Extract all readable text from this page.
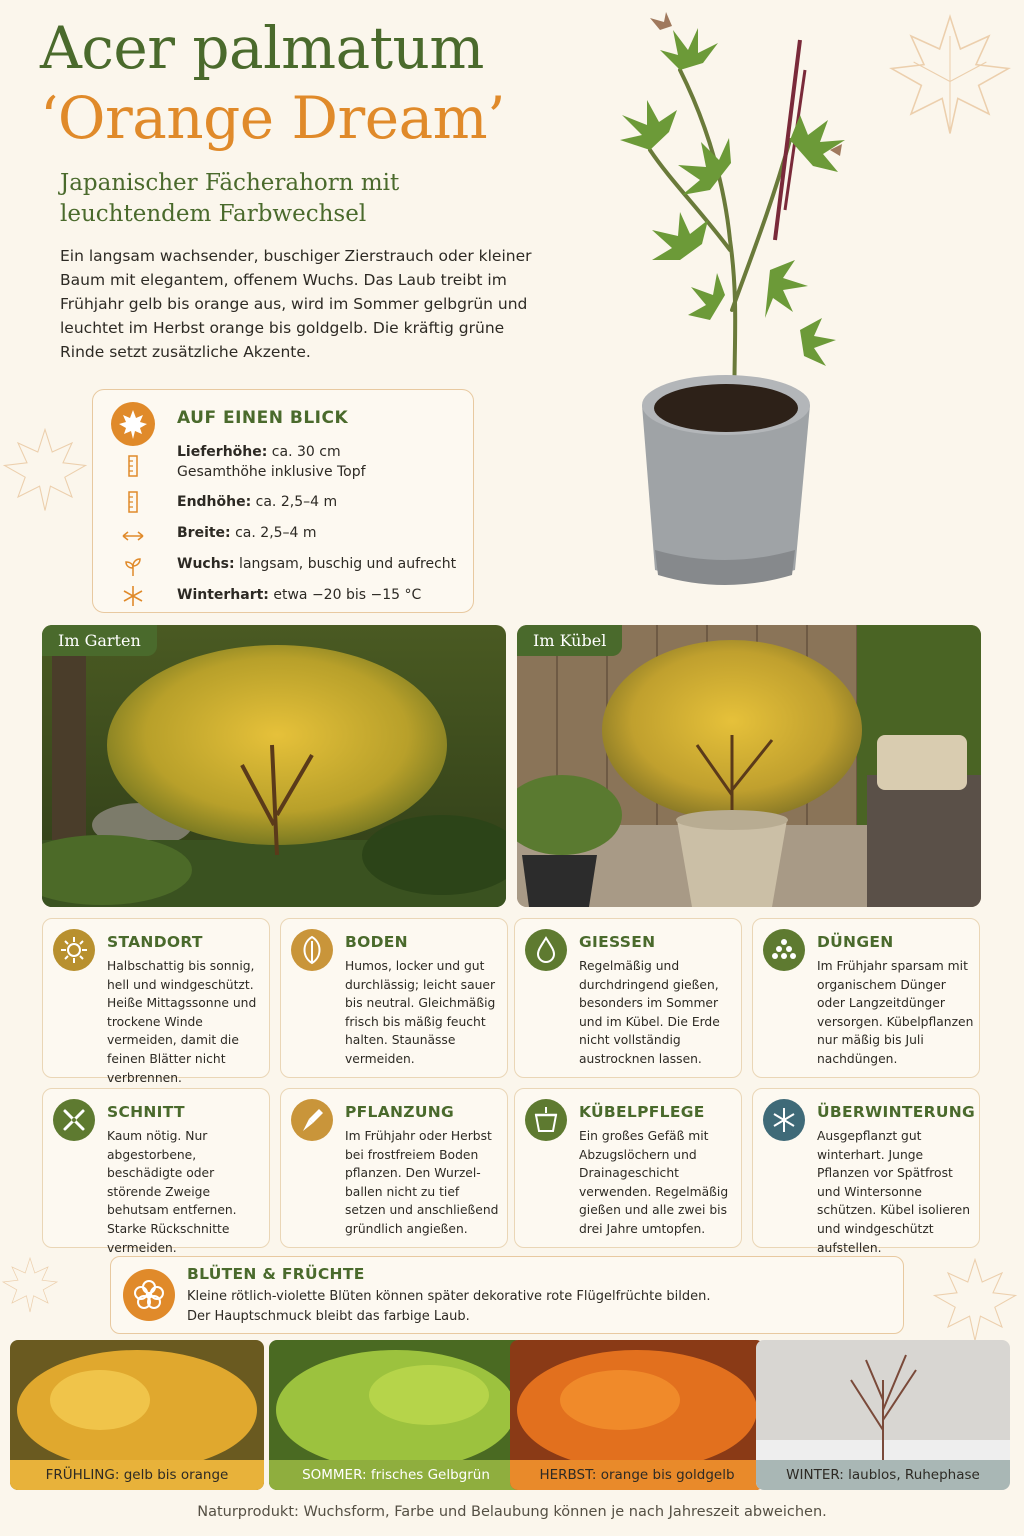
Acer palmatum
‘Orange Dream’
Japanischer Fächerahorn mit leuchtendem Farbwechsel
Ein langsam wachsender, buschiger Zierstrauch oder kleiner Baum mit elegantem, offenem Wuchs. Das Laub treibt im Frühjahr gelb bis orange aus, wird im Sommer gelbgrün und leuchtet im Herbst orange bis goldgelb. Die kräftig grüne Rinde setzt zusätzliche Akzente.
AUF EINEN BLICK
Lieferhöhe: ca. 30 cm
Gesamthöhe inklusive Topf
Endhöhe: ca. 2,5–4 m
Breite: ca. 2,5–4 m
Wuchs: langsam, buschig und aufrecht
Winterhart: etwa −20 bis −15 °C
Im Garten	Im Kübel
STANDORT
Halbschattig bis sonnig, hell und windgeschützt. Heiße Mittagssonne und trockene Winde vermeiden, damit die feinen Blätter nicht verbrennen.
BODEN
Humos, locker und gut durchlässig; leicht sauer bis neutral. Gleichmäßig frisch bis mäßig feucht halten. Staunässe vermeiden.
GIESSEN
Regelmäßig und durchdringend gießen, besonders im Sommer und im Kübel. Die Erde nicht vollständig austrocknen lassen.
DÜNGEN
Im Frühjahr sparsam mit organischem Dünger oder Langzeitdünger versorgen. Kübelpflanzen nur mäßig bis Juli nachdüngen.
SCHNITT
Kaum nötig. Nur abgestorbene, beschädigte oder störende Zweige behutsam entfernen. Starke Rückschnitte vermeiden.
PFLANZUNG
Im Frühjahr oder Herbst bei frostfreiem Boden pflanzen. Den Wurzel-ballen nicht zu tief setzen und anschließend gründlich angießen.
KÜBELPFLEGE
Ein großes Gefäß mit Abzugslöchern und Drainageschicht verwenden. Regelmäßig gießen und alle zwei bis drei Jahre umtopfen.
ÜBERWINTERUNG
Ausgepflanzt gut winterhart. Junge Pflanzen vor Spätfrost und Wintersonne schützen. Kübel isolieren und windgeschützt aufstellen.
BLÜTEN & FRÜCHTE
Kleine rötlich-violette Blüten können später dekorative rote Flügelfrüchte bilden.
Der Hauptschmuck bleibt das farbige Laub.
FRÜHLING: gelb bis orange	SOMMER: frisches Gelbgrün	HERBST: orange bis goldgelb	WINTER: laublos, Ruhephase
Naturprodukt: Wuchsform, Farbe und Belaubung können je nach Jahreszeit abweichen.
